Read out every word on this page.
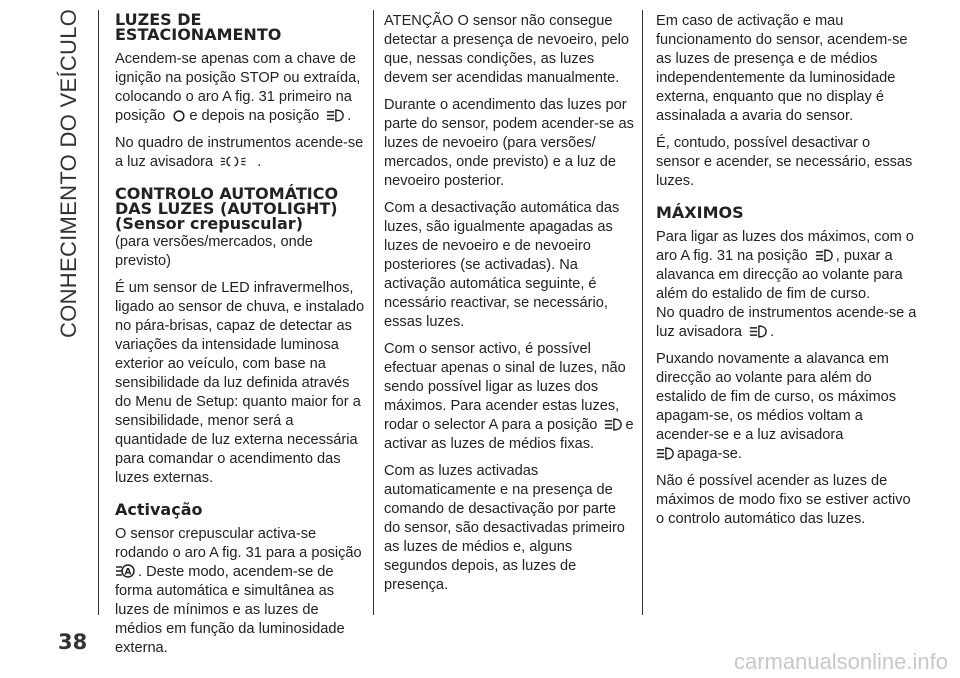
CONHECIMENTO DO VEÍCULO LUZES DE
ESTACIONAMENTO

Acendem-se apenas com a chave de ignição na posição STOP ou extraída, colocando o aro A fig. 31 primeiro na posição e depois na posição .

No quadro de instrumentos acende-se a luz avisadora	.

CONTROLO AUTOMÁTICO
DAS LUZES (AUTOLIGHT)
(Sensor crepuscular)

(para versões/mercados, onde previsto)

É um sensor de LED infravermelhos, ligado ao sensor de chuva, e instalado no pára-brisas, capaz de detectar as variações da intensidade luminosa exterior ao veículo, com base na sensibilidade da luz definida através do Menu de Setup: quanto maior for a sensibilidade, menor será a quantidade de luz externa necessária para comandar o acendimento das luzes externas.

Activação

O sensor crepuscular activa-se rodando o aro A fig. 31 para a posição
. Deste modo, acendem-se de forma automática e simultânea as luzes de mínimos e as luzes de médios em função da luminosidade externa.

ATENÇÃO O sensor não consegue detectar a presença de nevoeiro, pelo que, nessas condições, as luzes devem ser acendidas manualmente.

Durante o acendimento das luzes por parte do sensor, podem acender-se as luzes de nevoeiro (para versões/ mercados, onde previsto) e a luz de nevoeiro posterior.

Com a desactivação automática das luzes, são igualmente apagadas as luzes de nevoeiro e de nevoeiro posteriores (se activadas). Na activação automática seguinte, é ncessário reactivar, se necessário, essas luzes.

Com o sensor activo, é possível efectuar apenas o sinal de luzes, não sendo possível ligar as luzes dos máximos. Para acender estas luzes, rodar o selector A para a posição e activar as luzes de médios fixas.

Com as luzes activadas automaticamente e na presença de comando de desactivação por parte do sensor, são desactivadas primeiro as luzes de médios e, alguns segundos depois, as luzes de presença.

Em caso de activação e mau funcionamento do sensor, acendem-se as luzes de presença e de médios independentemente da luminosidade externa, enquanto que no display é assinalada a avaria do sensor.

É, contudo, possível desactivar o sensor e acender, se necessário, essas luzes.

MÁXIMOS

Para ligar as luzes dos máximos, com o aro A fig. 31 na posição , puxar a alavanca em direcção ao volante para além do estalido de fim de curso.

No quadro de instrumentos acende-se a luz avisadora .

Puxando novamente a alavanca em direcção ao volante para além do estalido de fim de curso, os máximos apagam-se, os médios voltam a acender-se e a luz avisadora
apaga-se.

Não é possível acender as luzes de máximos de modo fixo se estiver activo o controlo automático das luzes.

38
carmanualsonline.info
